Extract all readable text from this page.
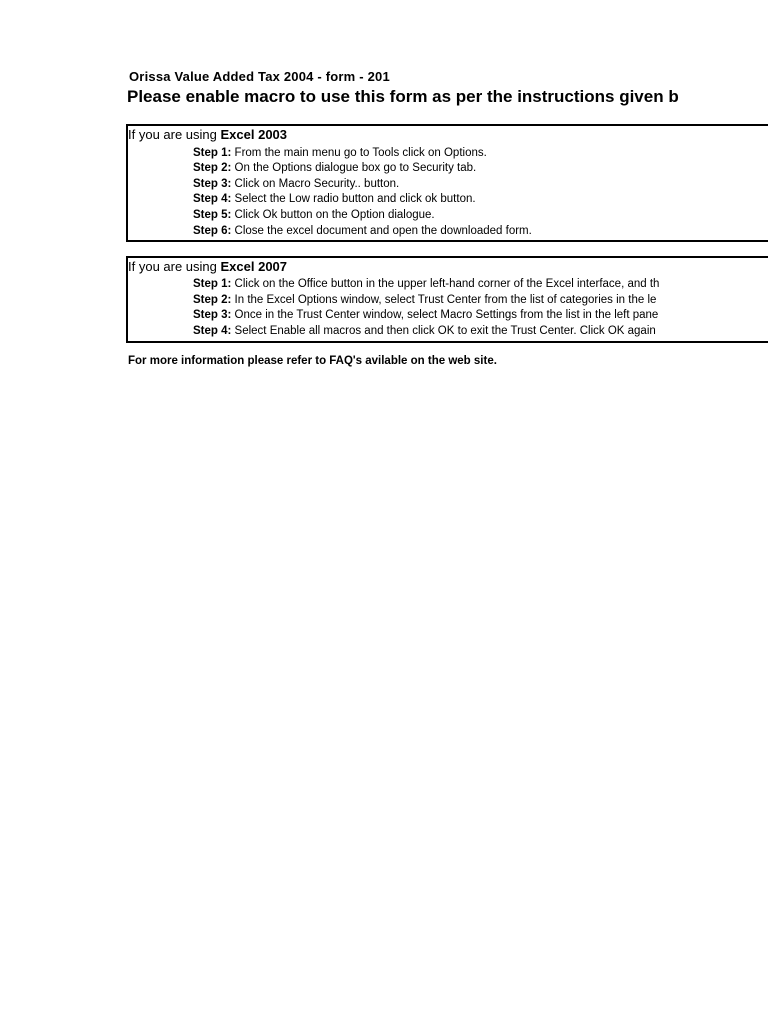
Orissa Value Added Tax 2004 - form - 201
Please enable macro to use this form as per the instructions given b
If you are using Excel 2003
Step 1: From the main menu go to Tools click on Options.
Step 2: On the Options dialogue box go to Security tab.
Step 3: Click on Macro Security.. button.
Step 4: Select the Low radio button and click ok button.
Step 5: Click Ok button on the Option dialogue.
Step 6: Close the excel document and open the downloaded form.
If you are using Excel 2007
Step 1: Click on the Office button in the upper left-hand corner of the Excel interface, and th
Step 2: In the Excel Options window, select Trust Center from the list of categories in the le
Step 3: Once in the Trust Center window, select Macro Settings from the list in the left pane
Step 4: Select Enable all macros and then click OK to exit the Trust Center. Click OK again
For more information please refer to FAQ's avilable on the web site.
